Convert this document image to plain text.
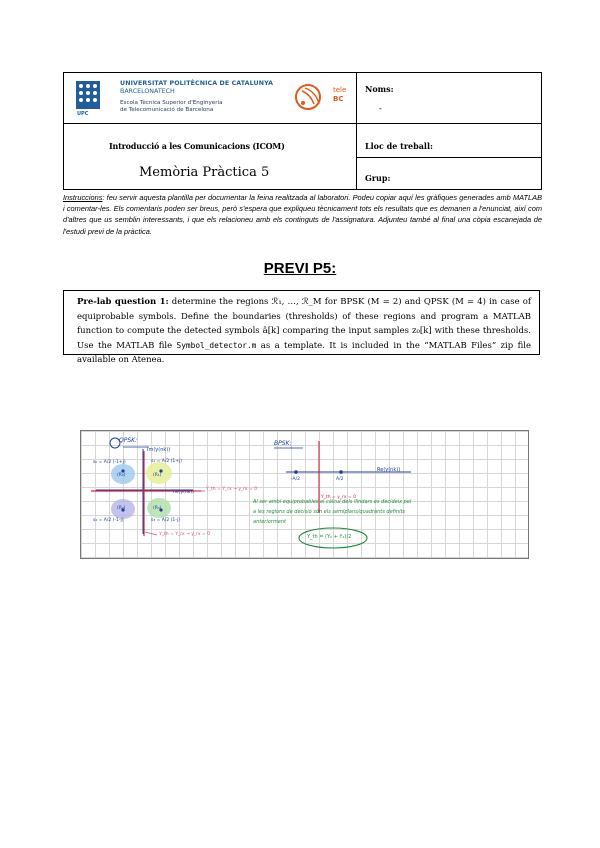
UPC
UNIVERSITAT POLITÈCNICA DE CATALUNYA
BARCELONATECH
Escola Tècnica Superior d'Enginyeria
de Telecomunicació de Barcelona
tele
BC
Introducció a les Comunicacions (ICOM)
Memòria Pràctica 5
Noms:
-
Lloc de treball:
Grup:
Instruccions: feu servir aquesta plantilla per documentar la feina realitzada al laboratori. Podeu copiar aquí les gràfiques generades amb MATLAB i comentar-les. Els comentaris poden ser breus, però s'espera que expliqueu tècnicament tots els resultats que es demanen a l'enunciat, així com d'altres que us semblin interessants, i que els relacioneu amb els continguts de l'assignatura. Adjunteu també al final una còpia escanejada de l'estudi previ de la pràctica.
PREVI P5:
Pre-lab question 1: determine the regions ℛ₁, …, ℛ_M for BPSK (M = 2) and QPSK (M = 4) in case of equiprobable symbols. Define the boundaries (thresholds) of these regions and program a MATLAB function to compute the detected symbols â[k] comparing the input samples z₀[k] with these thresholds. Use the MATLAB file Symbol_detector.m as a template. It is included in the “MATLAB Files” zip file available on Atenea.
QPSK:
Im(y(nk))
Re(y(nk))
s₀ = A/2 (-1+j)	s₁ = A/2 (1+j)
s₂ = A/2 (-1-j)	s₃ = A/2 (1-j)
(R₀)	(R₁)
(R₂)	(R₃)
Y_th = Y_rx → y_rx = 0
Y_th = Y_rx → y_rx = 0
BPSK:
Re(y(nk))
-A/2	A/2
Y_th = y_rx = 0
Al ser ambi equiprobables el càlcul dels llindars es decideix pel
a les regions de decisió són els semiplans/quadrants definits
anteriorment
Y_th = (Y₀ + Y₁)/2
